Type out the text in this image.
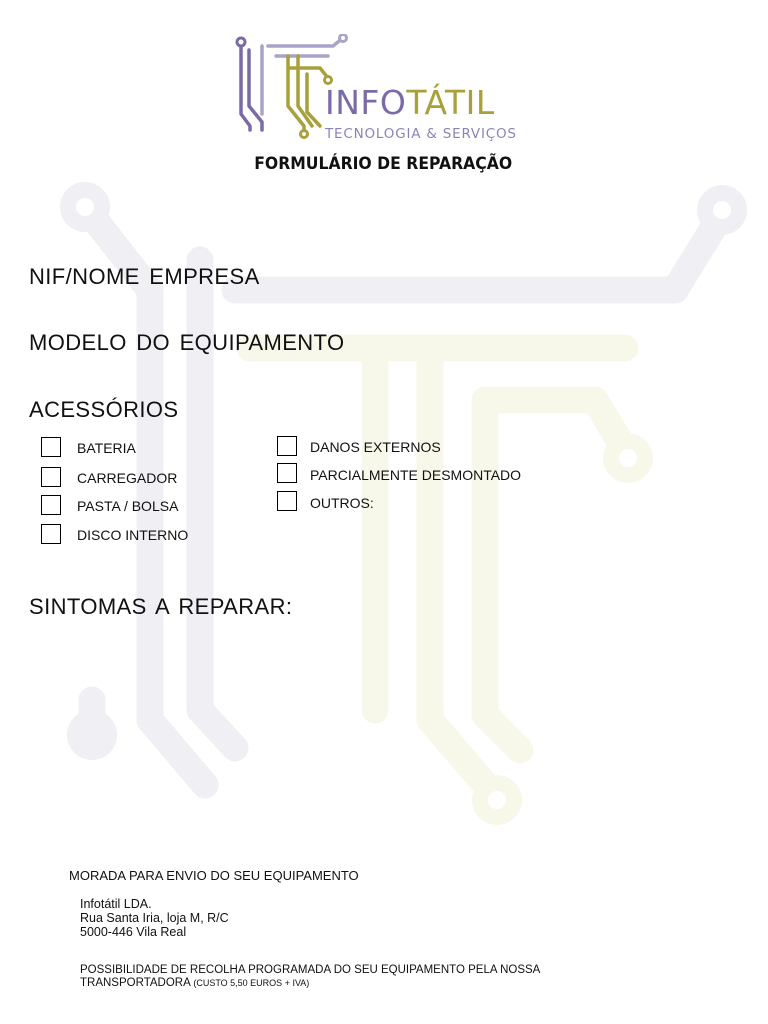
INFOTÁTIL
TECNOLOGIA & SERVIÇOS
FORMULÁRIO DE REPARAÇÃO
NIF/NOME EMPRESA
MODELO DO EQUIPAMENTO
ACESSÓRIOS
BATERIA
CARREGADOR
PASTA / BOLSA
DISCO INTERNO
DANOS EXTERNOS
PARCIALMENTE DESMONTADO
OUTROS:
SINTOMAS A REPARAR:
MORADA PARA ENVIO DO SEU EQUIPAMENTO
Infotátil LDA.
Rua Santa Iria, loja M, R/C
5000-446 Vila Real
POSSIBILIDADE DE RECOLHA PROGRAMADA DO SEU EQUIPAMENTO PELA NOSSA
TRANSPORTADORA (CUSTO 5,50 EUROS + IVA)
